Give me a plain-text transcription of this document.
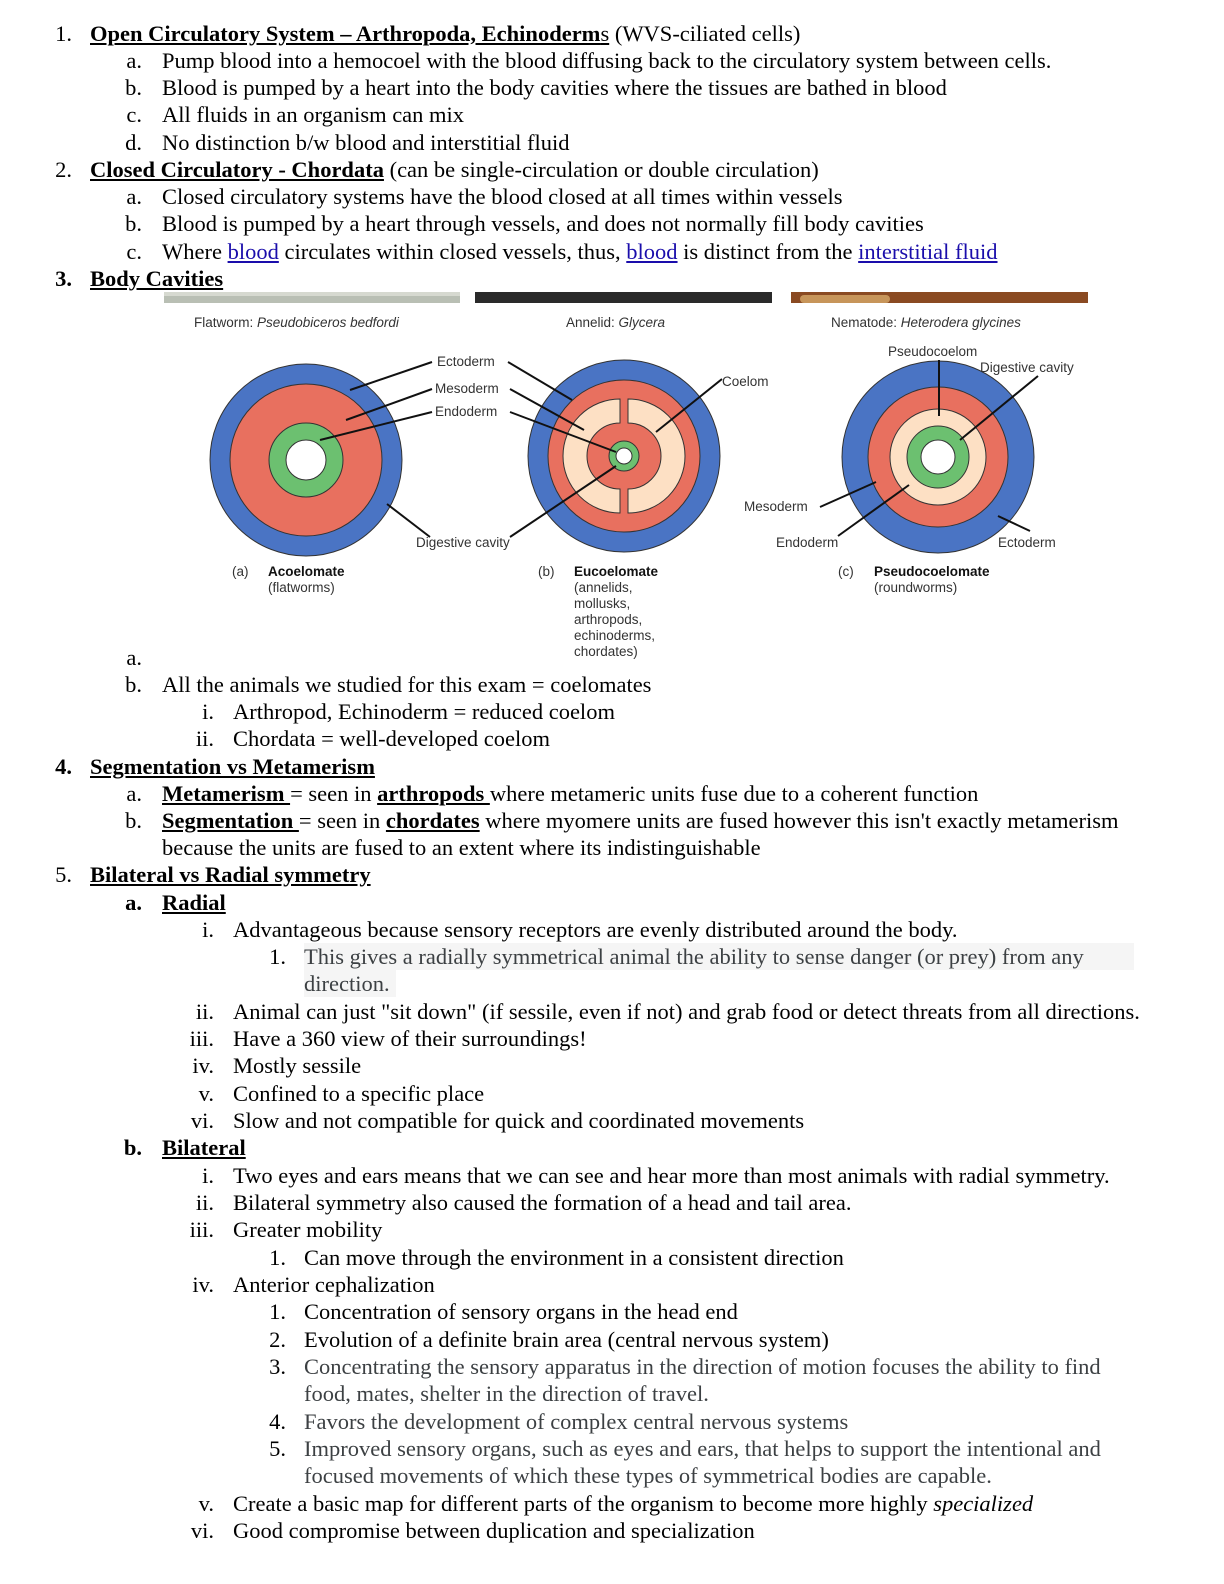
1. Open Circulatory System – Arthropoda, Echinoderms (WVS-ciliated cells)
a. Pump blood into a hemocoel with the blood diffusing back to the circulatory system between cells.
b. Blood is pumped by a heart into the body cavities where the tissues are bathed in blood
c. All fluids in an organism can mix
d. No distinction b/w blood and interstitial fluid
2. Closed Circulatory - Chordata (can be single-circulation or double circulation)
a. Closed circulatory systems have the blood closed at all times within vessels
b. Blood is pumped by a heart through vessels, and does not normally fill body cavities
c. Where blood circulates within closed vessels, thus, blood is distinct from the interstitial fluid
3. Body Cavities
Flatworm: Pseudobiceros bedfordi	Annelid: Glycera	Nematode: Heterodera glycines
Ectoderm
Mesoderm
Endoderm
Coelom
Digestive cavity
Pseudocoelom
Digestive cavity
Mesoderm
Endoderm	Ectoderm
(a) Acoelomate
(flatworms)
(b) Eucoelomate
(annelids,
mollusks,
arthropods,
echinoderms,
chordates)
(c) Pseudocoelomate
(roundworms)
a.
b. All the animals we studied for this exam = coelomates
i. Arthropod, Echinoderm = reduced coelom
ii. Chordata = well-developed coelom
4. Segmentation vs Metamerism
a. Metamerism = seen in arthropods where metameric units fuse due to a coherent function
b. Segmentation = seen in chordates where myomere units are fused however this isn't exactly metamerism
because the units are fused to an extent where its indistinguishable
5. Bilateral vs Radial symmetry
a. Radial
i. Advantageous because sensory receptors are evenly distributed around the body.
1. This gives a radially symmetrical animal the ability to sense danger (or prey) from any
direction.
ii. Animal can just "sit down" (if sessile, even if not) and grab food or detect threats from all directions.
iii. Have a 360 view of their surroundings!
iv. Mostly sessile
v. Confined to a specific place
vi. Slow and not compatible for quick and coordinated movements
b. Bilateral
i. Two eyes and ears means that we can see and hear more than most animals with radial symmetry.
ii. Bilateral symmetry also caused the formation of a head and tail area.
iii. Greater mobility
1. Can move through the environment in a consistent direction
iv. Anterior cephalization
1. Concentration of sensory organs in the head end
2. Evolution of a definite brain area (central nervous system)
3. Concentrating the sensory apparatus in the direction of motion focuses the ability to find
food, mates, shelter in the direction of travel.
4. Favors the development of complex central nervous systems
5. Improved sensory organs, such as eyes and ears, that helps to support the intentional and
focused movements of which these types of symmetrical bodies are capable.
v. Create a basic map for different parts of the organism to become more highly specialized
vi. Good compromise between duplication and specialization
